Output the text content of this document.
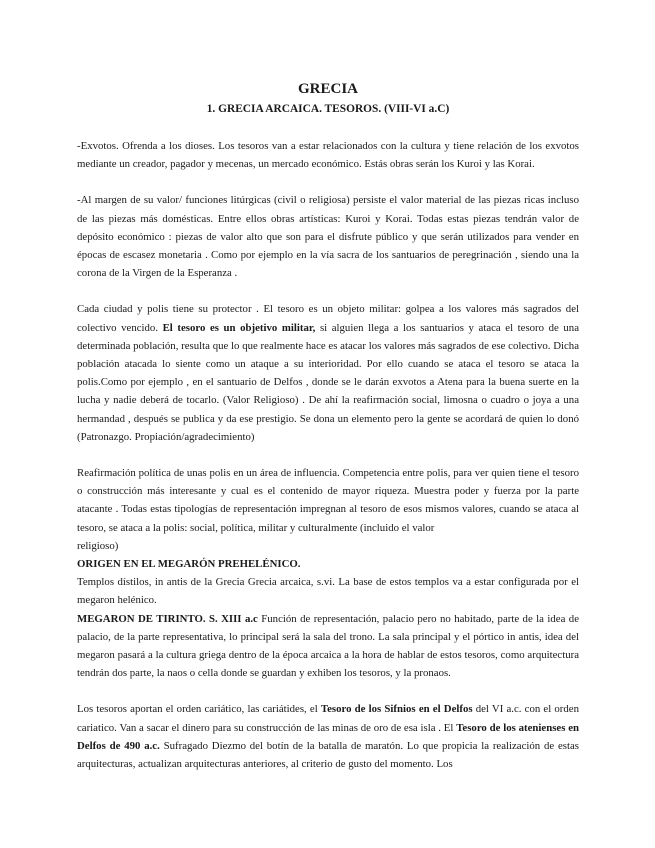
GRECIA
1. GRECIA ARCAICA. TESOROS. (VIII-VI a.C)

-Exvotos. Ofrenda a los dioses. Los tesoros van a estar relacionados con la cultura y tiene relación de los exvotos mediante un creador, pagador y mecenas, un mercado económico. Estás obras serán los Kuroi y las Korai.

-Al margen de su valor/ funciones litúrgicas (civil o religiosa) persiste el valor material de las piezas ricas incluso de las piezas más domésticas. Entre ellos obras artísticas: Kuroi y Korai. Todas estas piezas tendrán valor de depósito económico : piezas de valor alto que son para el disfrute público y que serán utilizados para vender en épocas de escasez monetaria . Como por ejemplo en la vía sacra de los santuarios de peregrinación , siendo una la corona de la Virgen de la Esperanza .

Cada ciudad y polis tiene su protector . El tesoro es un objeto militar: golpea a los valores más sagrados del colectivo vencido. El tesoro es un objetivo militar, si alguien llega a los santuarios y ataca el tesoro de una determinada población, resulta que lo que realmente hace es atacar los valores más sagrados de ese colectivo. Dicha población atacada lo siente como un ataque a su interioridad. Por ello cuando se ataca el tesoro se ataca la polis.Como por ejemplo , en el santuario de Delfos , donde se le darán exvotos a Atena para la buena suerte en la lucha y nadie deberá de tocarlo. (Valor Religioso) . De ahí la reafirmación social, limosna o cuadro o joya a una hermandad , después se publica y da ese prestigio. Se dona un elemento pero la gente se acordará de quien lo donó (Patronazgo. Propiación/agradecimiento)

Reafirmación política de unas polis en un área de influencia. Competencia entre polis, para ver quien tiene el tesoro o construcción más interesante y cual es el contenido de mayor riqueza. Muestra poder y fuerza por la parte atacante . Todas estas tipologías de representación impregnan al tesoro de esos mismos valores, cuando se ataca al tesoro, se ataca a la polis: social, política, militar y culturalmente (incluido el valor

religioso)

ORIGEN EN EL MEGARÓN PREHELÉNICO.

Templos dístilos, in antis de la Grecia Grecia arcaica, s.vi. La base de estos templos va a estar configurada por el megaron helénico.

MEGARON DE TIRINTO. S. XIII a.c Función de representación, palacio pero no habitado, parte de la idea de palacio, de la parte representativa, lo principal será la sala del trono. La sala principal y el pórtico in antis, idea del megaron pasará a la cultura griega dentro de la época arcaica a la hora de hablar de estos tesoros, como arquitectura tendrán dos parte, la naos o cella donde se guardan y exhiben los tesoros, y la pronaos.

Los tesoros aportan el orden cariático, las cariátides, el Tesoro de los Sifnios en el Delfos del VI a.c. con el orden cariatico. Van a sacar el dinero para su construcción de las minas de oro de esa isla . El Tesoro de los atenienses en Delfos de 490 a.c. Sufragado Diezmo del botín de la batalla de maratón. Lo que propicia la realización de estas arquitecturas, actualizan arquitecturas anteriores, al criterio de gusto del momento. Los
